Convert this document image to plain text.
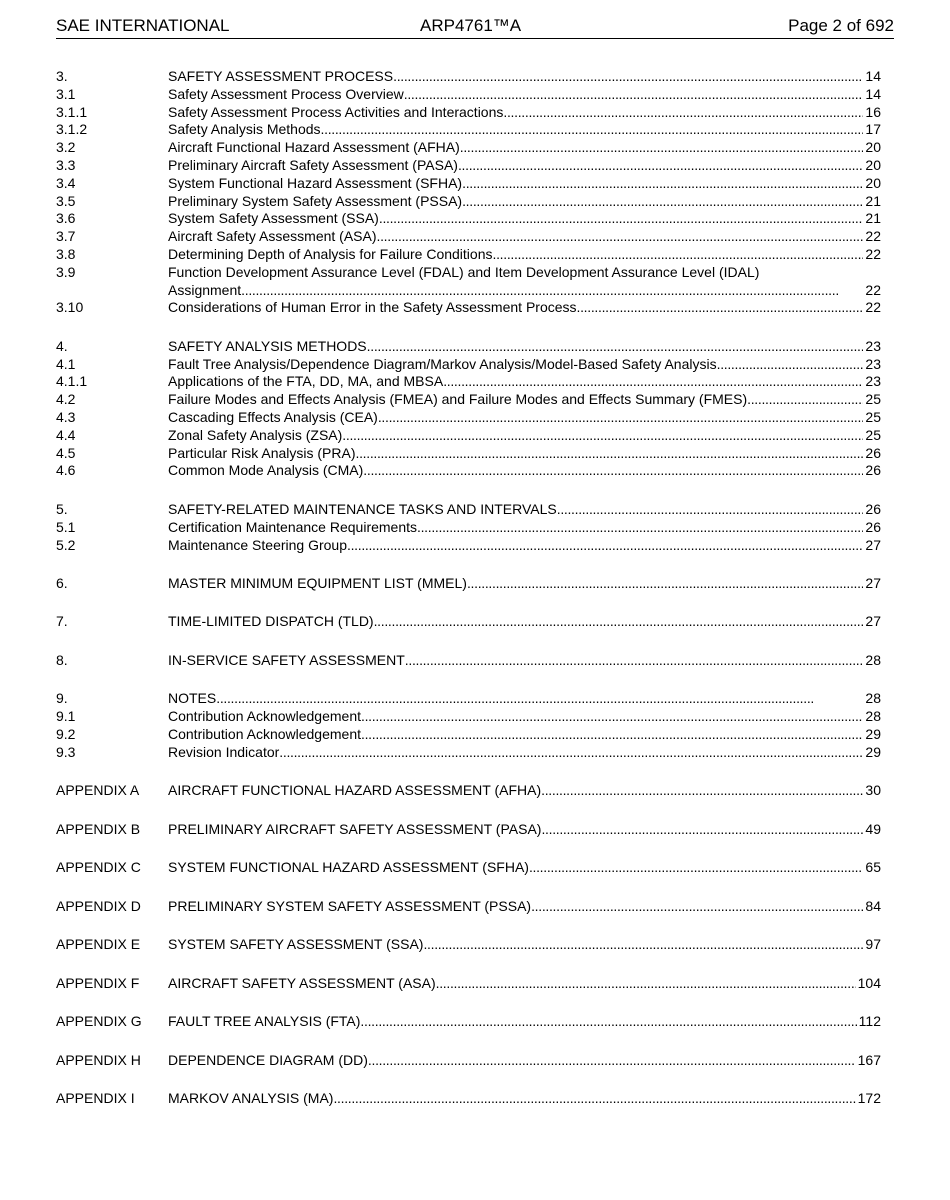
SAE INTERNATIONAL	ARP4761™A	Page 2 of 692
3.	SAFETY ASSESSMENT PROCESS . . .	14
3.1	Safety Assessment Process Overview . . .	14
3.1.1	Safety Assessment Process Activities and Interactions . . .	16
3.1.2	Safety Analysis Methods . . .	17
3.2	Aircraft Functional Hazard Assessment (AFHA) . . .	20
3.3	Preliminary Aircraft Safety Assessment (PASA) . . .	20
3.4	System Functional Hazard Assessment (SFHA) . . .	20
3.5	Preliminary System Safety Assessment (PSSA) . . .	21
3.6	System Safety Assessment (SSA) . . .	21
3.7	Aircraft Safety Assessment (ASA) . . .	22
3.8	Determining Depth of Analysis for Failure Conditions . . .	22
3.9	Function Development Assurance Level (FDAL) and Item Development Assurance Level (IDAL)
Assignment . . .	22
3.10	Considerations of Human Error in the Safety Assessment Process . . .	22
4.	SAFETY ANALYSIS METHODS . . .	23
4.1	Fault Tree Analysis/Dependence Diagram/Markov Analysis/Model-Based Safety Analysis . . .	23
4.1.1	Applications of the FTA, DD, MA, and MBSA . . .	23
4.2	Failure Modes and Effects Analysis (FMEA) and Failure Modes and Effects Summary (FMES) . . .	25
4.3	Cascading Effects Analysis (CEA) . . .	25
4.4	Zonal Safety Analysis (ZSA) . . .	25
4.5	Particular Risk Analysis (PRA) . . .	26
4.6	Common Mode Analysis (CMA) . . .	26
5.	SAFETY-RELATED MAINTENANCE TASKS AND INTERVALS . . .	26
5.1	Certification Maintenance Requirements . . .	26
5.2	Maintenance Steering Group . . .	27
6.	MASTER MINIMUM EQUIPMENT LIST (MMEL) . . .	27
7.	TIME-LIMITED DISPATCH (TLD) . . .	27
8.	IN-SERVICE SAFETY ASSESSMENT . . .	28
9.	NOTES . . .	28
9.1	Contribution Acknowledgement . . .	28
9.2	Contribution Acknowledgement . . .	29
9.3	Revision Indicator . . .	29
APPENDIX A	AIRCRAFT FUNCTIONAL HAZARD ASSESSMENT (AFHA) . . .	30
APPENDIX B	PRELIMINARY AIRCRAFT SAFETY ASSESSMENT (PASA) . . .	49
APPENDIX C	SYSTEM FUNCTIONAL HAZARD ASSESSMENT (SFHA) . . .	65
APPENDIX D	PRELIMINARY SYSTEM SAFETY ASSESSMENT (PSSA) . . .	84
APPENDIX E	SYSTEM SAFETY ASSESSMENT (SSA) . . .	97
APPENDIX F	AIRCRAFT SAFETY ASSESSMENT (ASA) . . .	104
APPENDIX G	FAULT TREE ANALYSIS (FTA) . . .	112
APPENDIX H	DEPENDENCE DIAGRAM (DD) . . .	167
APPENDIX I	MARKOV ANALYSIS (MA) . . .	172
